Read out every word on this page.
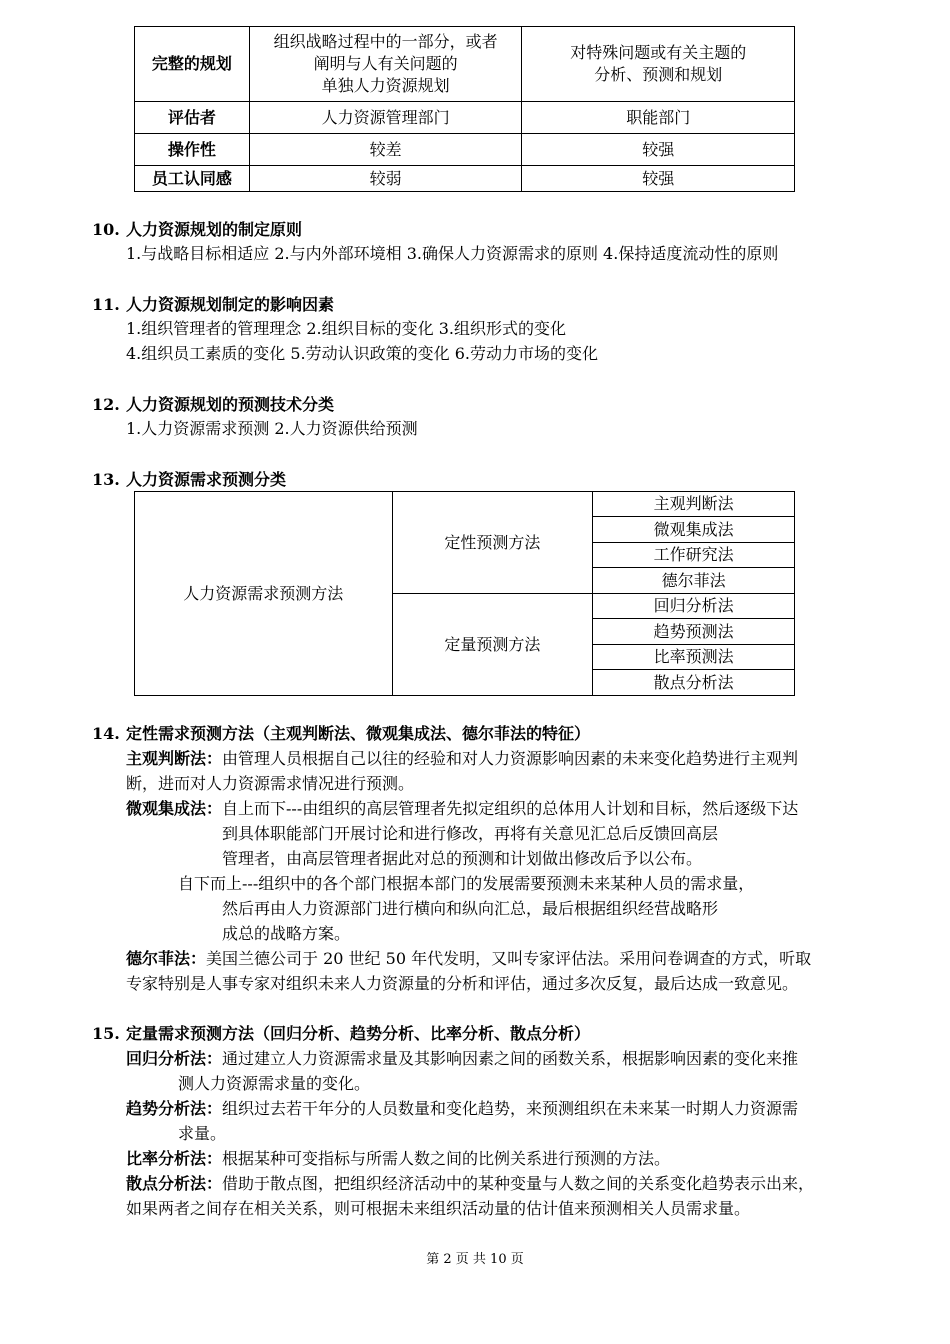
完整的规划	组织战略过程中的一部分，或者
阐明与人有关问题的
单独人力资源规划	对特殊问题或有关主题的
分析、预测和规划
评估者	人力资源管理部门	职能部门
操作性	较差	较强
员工认同感	较弱	较强
10. 人力资源规划的制定原则
1.与战略目标相适应 2.与内外部环境相 3.确保人力资源需求的原则 4.保持适度流动性的原则
11. 人力资源规划制定的影响因素
1.组织管理者的管理理念 2.组织目标的变化 3.组织形式的变化
4.组织员工素质的变化 5.劳动认识政策的变化 6.劳动力市场的变化
12. 人力资源规划的预测技术分类
1.人力资源需求预测 2.人力资源供给预测
13. 人力资源需求预测分类
人力资源需求预测方法	定性预测方法	主观判断法
		微观集成法
		工作研究法
		德尔菲法
	定量预测方法	回归分析法
		趋势预测法
		比率预测法
		散点分析法
14. 定性需求预测方法（主观判断法、微观集成法、德尔菲法的特征）
主观判断法：由管理人员根据自己以往的经验和对人力资源影响因素的未来变化趋势进行主观判
断，进而对人力资源需求情况进行预测。
微观集成法：自上而下---由组织的高层管理者先拟定组织的总体用人计划和目标，然后逐级下达
到具体职能部门开展讨论和进行修改，再将有关意见汇总后反馈回高层
管理者，由高层管理者据此对总的预测和计划做出修改后予以公布。
自下而上---组织中的各个部门根据本部门的发展需要预测未来某种人员的需求量，
然后再由人力资源部门进行横向和纵向汇总，最后根据组织经营战略形
成总的战略方案。
德尔菲法：美国兰德公司于 20 世纪 50 年代发明，又叫专家评估法。采用问卷调查的方式，听取
专家特别是人事专家对组织未来人力资源量的分析和评估，通过多次反复，最后达成一致意见。
15. 定量需求预测方法（回归分析、趋势分析、比率分析、散点分析）
回归分析法：通过建立人力资源需求量及其影响因素之间的函数关系，根据影响因素的变化来推
测人力资源需求量的变化。
趋势分析法：组织过去若干年分的人员数量和变化趋势，来预测组织在未来某一时期人力资源需
求量。
比率分析法：根据某种可变指标与所需人数之间的比例关系进行预测的方法。
散点分析法：借助于散点图，把组织经济活动中的某种变量与人数之间的关系变化趋势表示出来，
如果两者之间存在相关关系，则可根据未来组织活动量的估计值来预测相关人员需求量。
第 2 页 共 10 页
